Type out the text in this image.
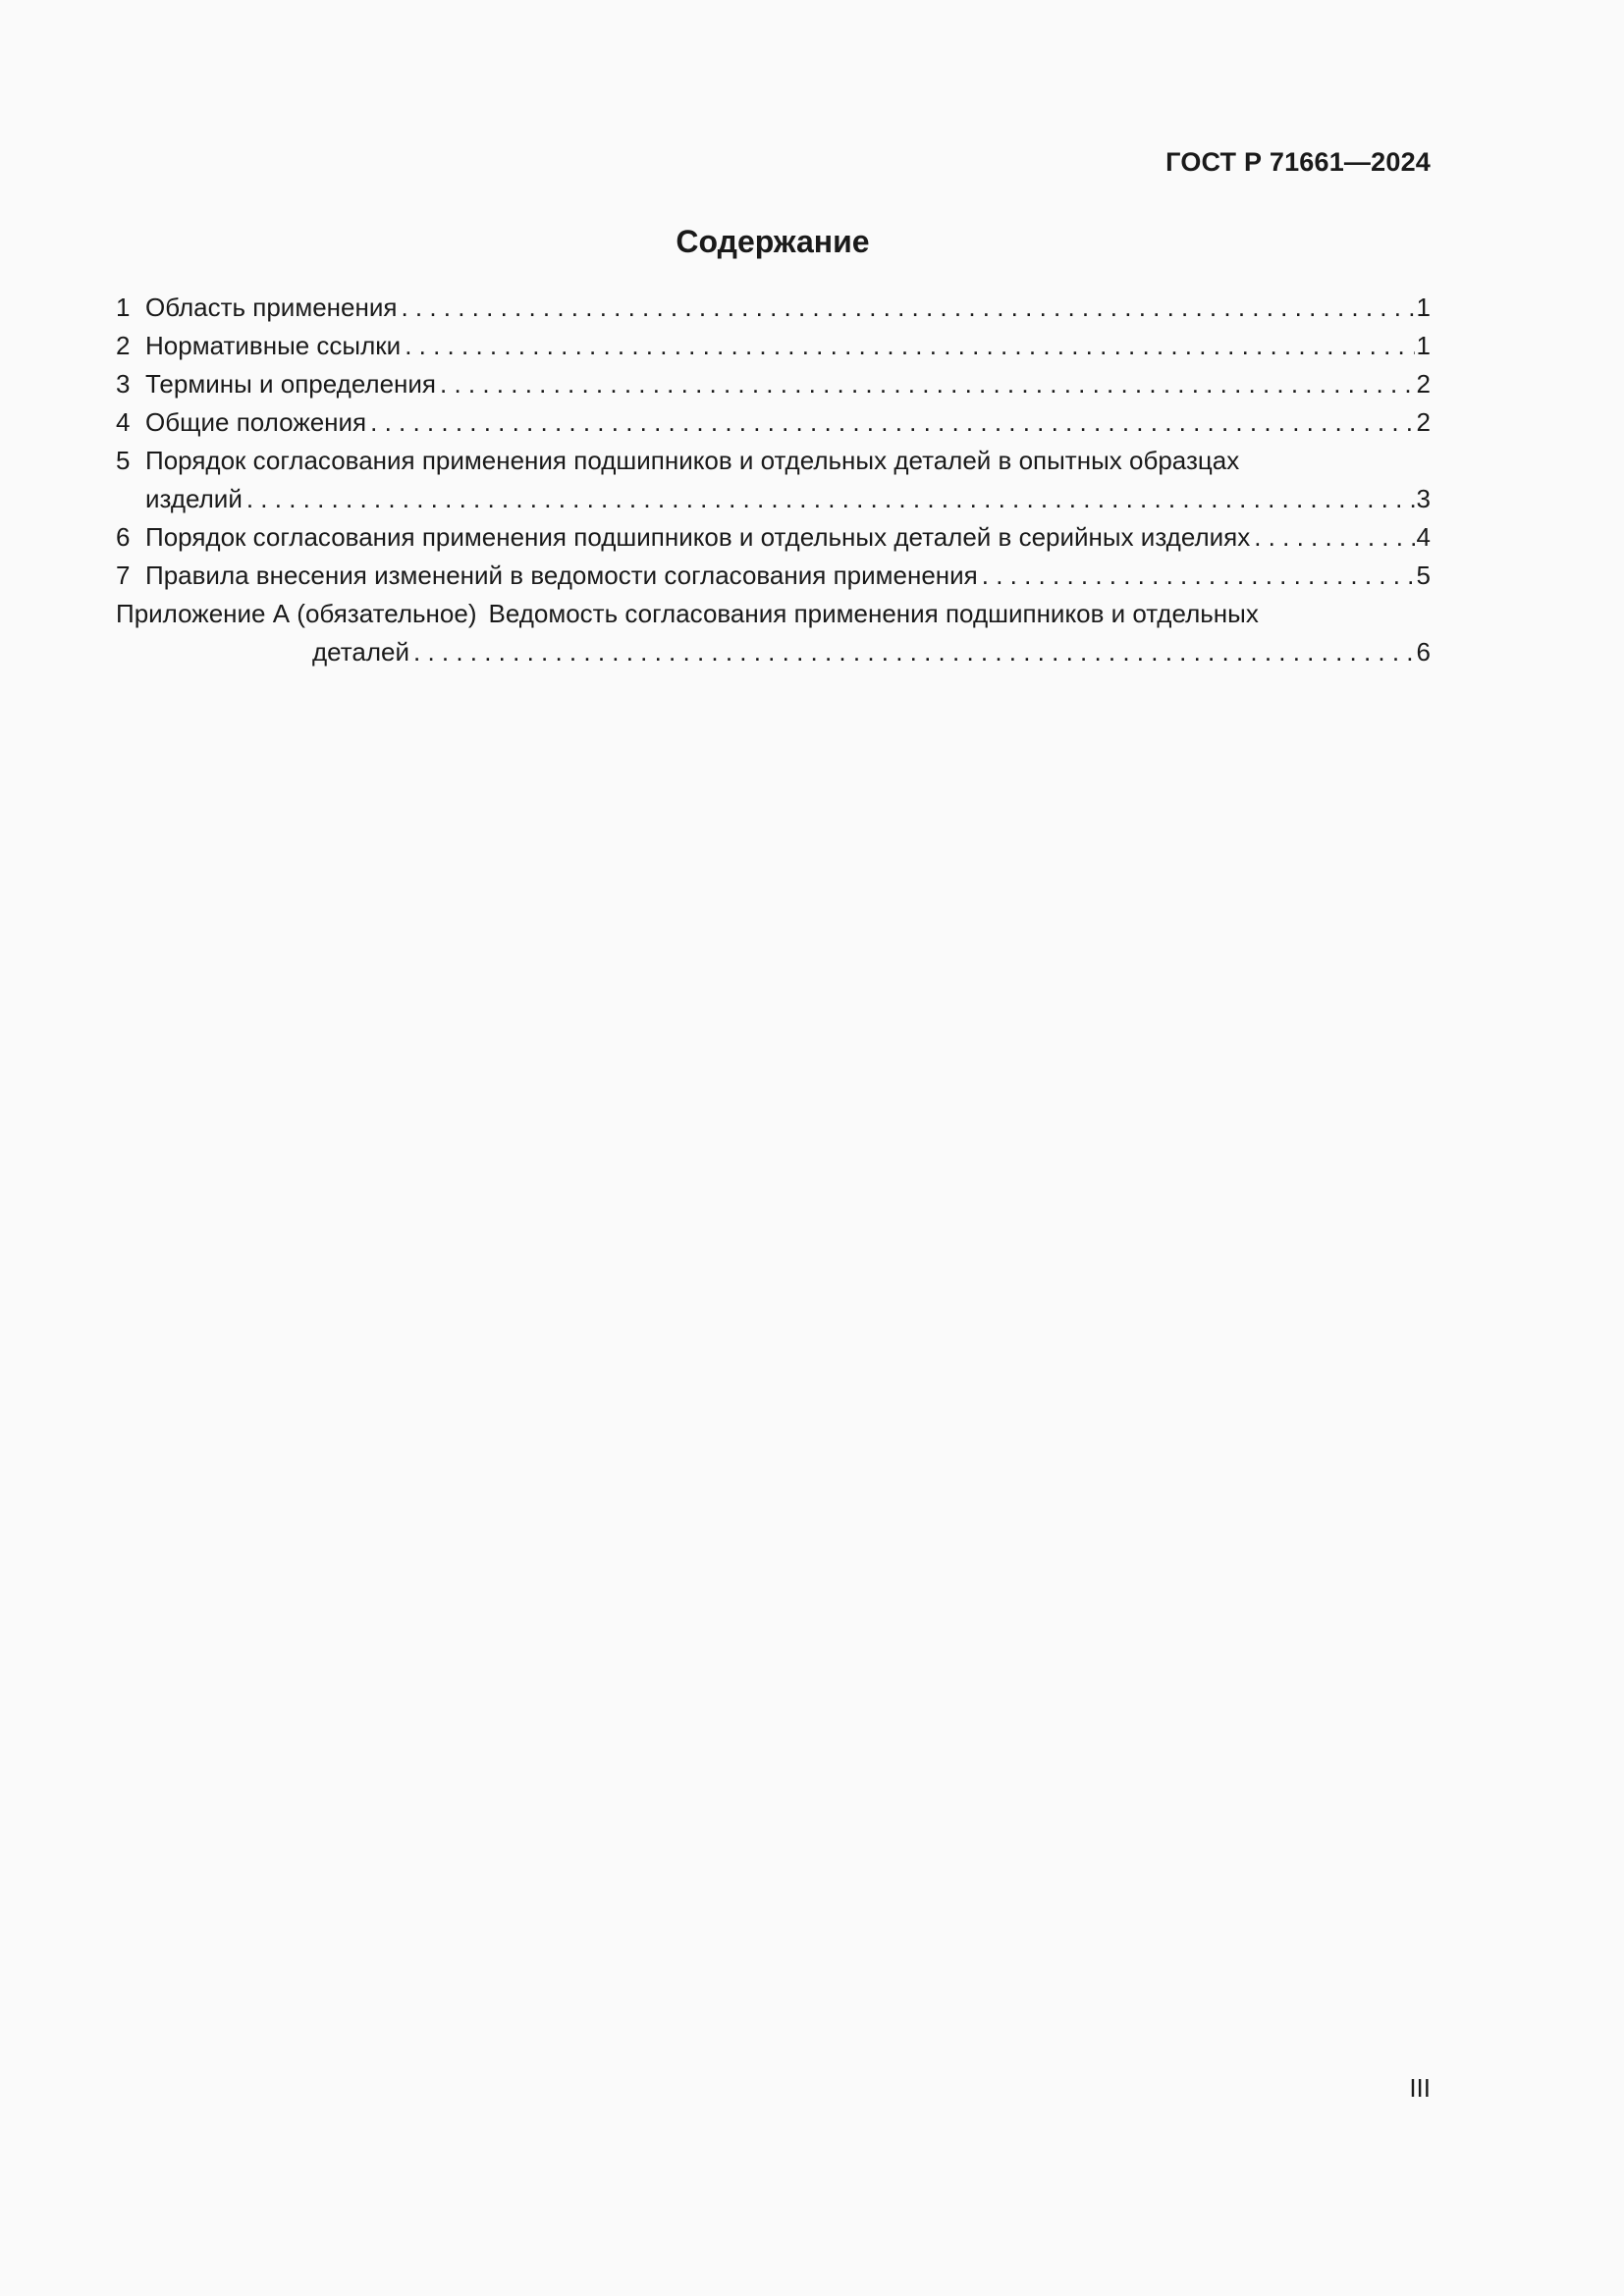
ГОСТ Р 71661—2024
Содержание
1 Область применения . . .	1
2 Нормативные ссылки . . .	1
3 Термины и определения . . .	2
4 Общие положения . . .	2
5 Порядок согласования применения подшипников и отдельных деталей в опытных образцах
изделий . . .	3
6 Порядок согласования применения подшипников и отдельных деталей в серийных изделиях . . .	4
7 Правила внесения изменений в ведомости согласования применения . . .	5
Приложение А (обязательное) Ведомость согласования применения подшипников и отдельных
деталей . . .	6
III
